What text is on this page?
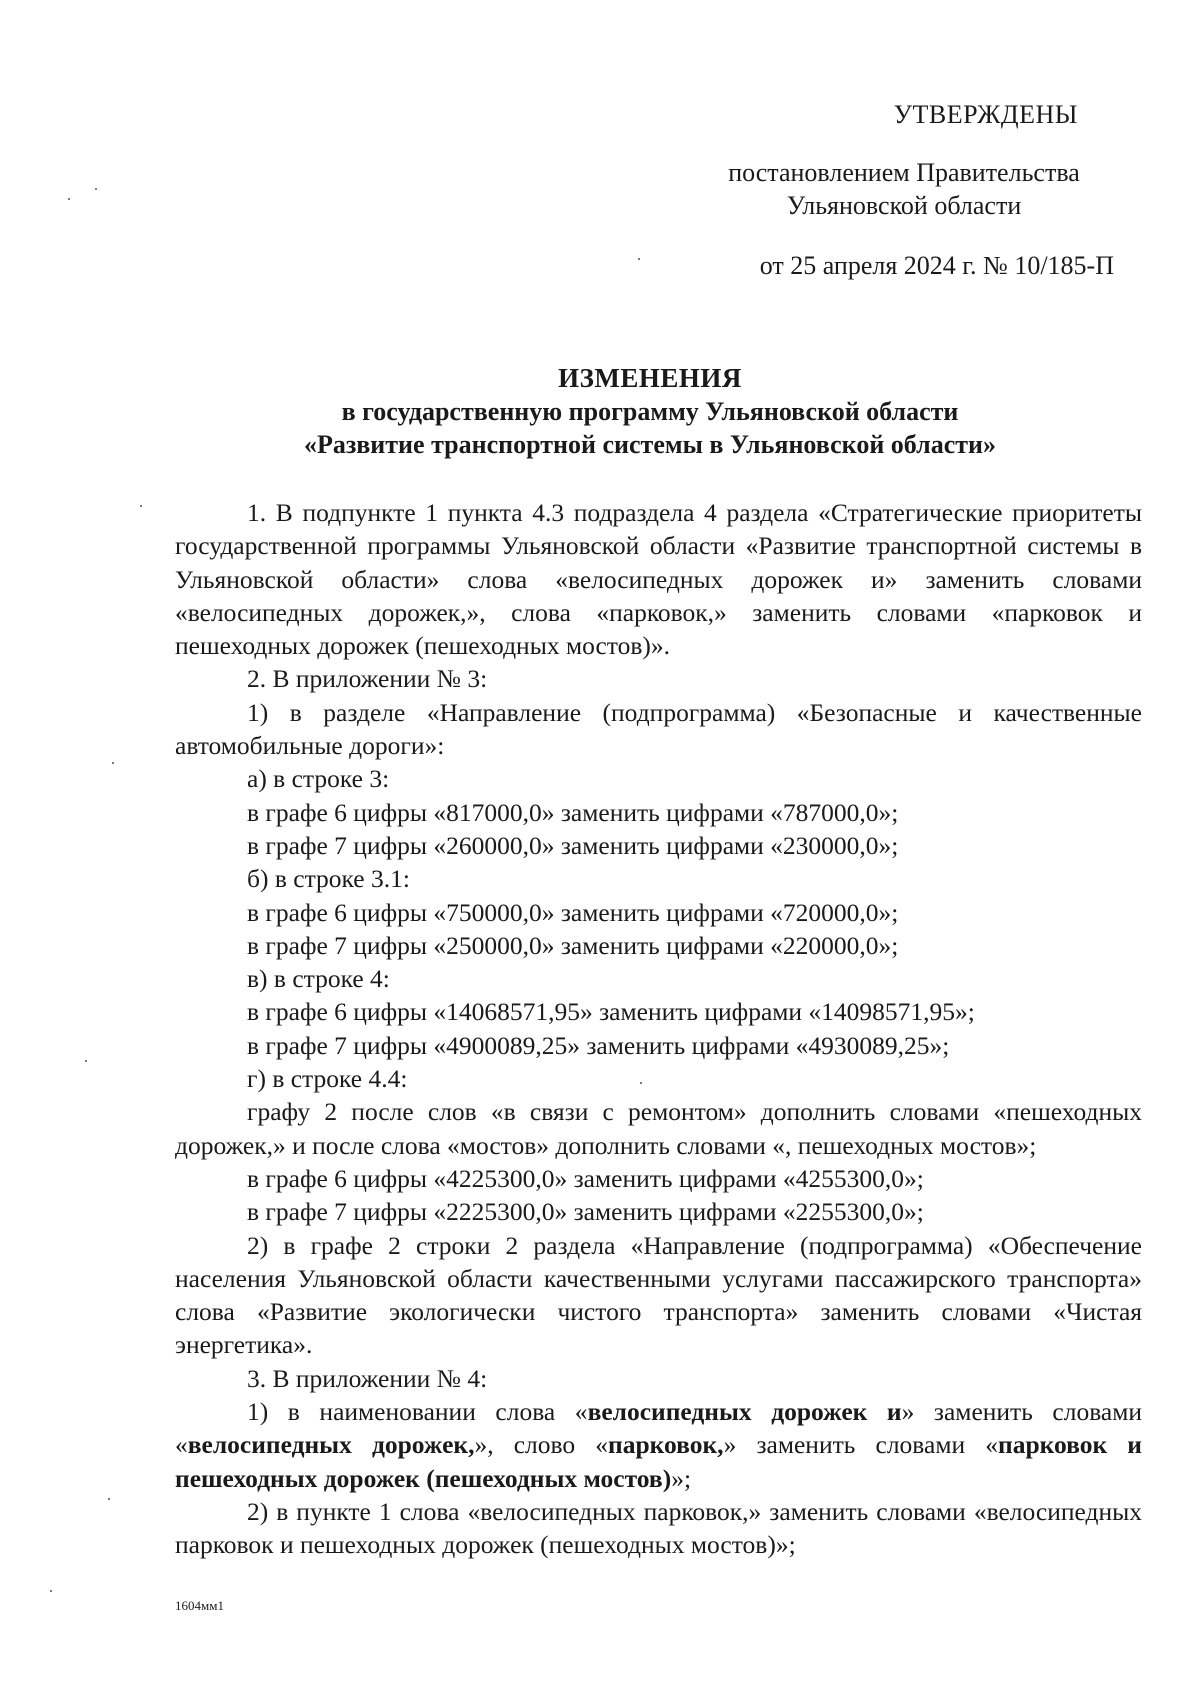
УТВЕРЖДЕНЫ
постановлением Правительства
Ульяновской области
от 25 апреля 2024 г. № 10/185-П
ИЗМЕНЕНИЯ
в государственную программу Ульяновской области
«Развитие транспортной системы в Ульяновской области»

1. В подпункте 1 пункта 4.3 подраздела 4 раздела «Стратегические приоритеты государственной программы Ульяновской области «Развитие транспортной системы в Ульяновской области» слова «велосипедных дорожек и» заменить словами «велосипедных дорожек,», слова «парковок,» заменить словами «парковок и пешеходных дорожек (пешеходных мостов)».

2. В приложении № 3:

1) в разделе «Направление (подпрограмма) «Безопасные и качественные автомобильные дороги»:

а) в строке 3:

в графе 6 цифры «817000,0» заменить цифрами «787000,0»;

в графе 7 цифры «260000,0» заменить цифрами «230000,0»;

б) в строке 3.1:

в графе 6 цифры «750000,0» заменить цифрами «720000,0»;

в графе 7 цифры «250000,0» заменить цифрами «220000,0»;

в) в строке 4:

в графе 6 цифры «14068571,95» заменить цифрами «14098571,95»;

в графе 7 цифры «4900089,25» заменить цифрами «4930089,25»;

г) в строке 4.4:

графу 2 после слов «в связи с ремонтом» дополнить словами «пешеходных дорожек,» и после слова «мостов» дополнить словами «, пешеходных мостов»;

в графе 6 цифры «4225300,0» заменить цифрами «4255300,0»;

в графе 7 цифры «2225300,0» заменить цифрами «2255300,0»;

2) в графе 2 строки 2 раздела «Направление (подпрограмма) «Обеспечение населения Ульяновской области качественными услугами пассажирского транспорта» слова «Развитие экологически чистого транспорта» заменить словами «Чистая энергетика».

3. В приложении № 4:

1) в наименовании слова «велосипедных дорожек и» заменить словами «велосипедных дорожек,», слово «парковок,» заменить словами «парковок и пешеходных дорожек (пешеходных мостов)»;

2) в пункте 1 слова «велосипедных парковок,» заменить словами «велосипедных парковок и пешеходных дорожек (пешеходных мостов)»;

1604мм1
